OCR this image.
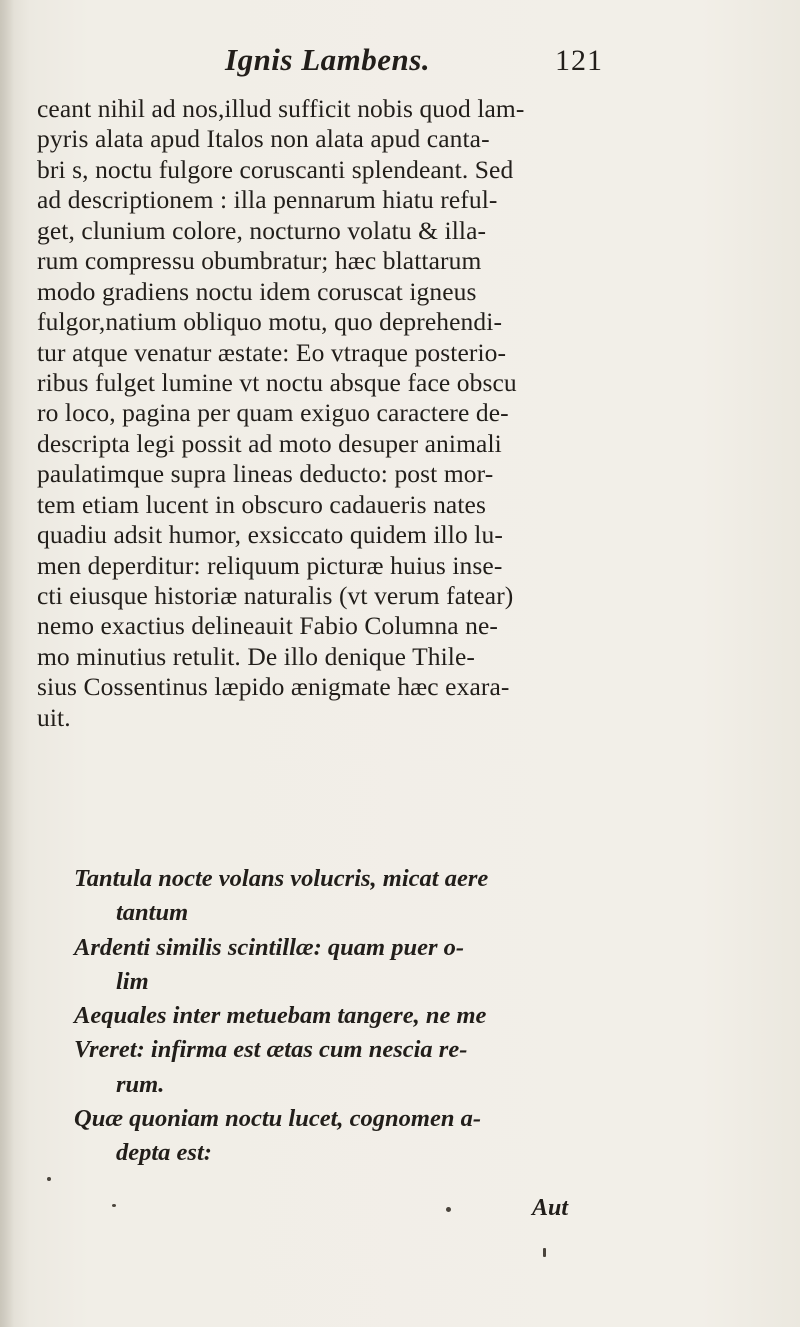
Ignis Lambens.	121
ceant nihil ad nos,illud sufficit nobis quod lam-
pyris alata apud Italos non alata apud canta-
bri s, noctu fulgore coruscanti splendeant. Sed
ad descriptionem : illa pennarum hiatu reful-
get, clunium colore, nocturno volatu & illa-
rum compressu obumbratur; hæc blattarum
modo gradiens noctu idem coruscat igneus
fulgor,natium obliquo motu, quo deprehendi-
tur atque venatur æstate: Eo vtraque posterio-
ribus fulget lumine vt noctu absque face obscu
ro loco, pagina per quam exiguo caractere de-
descripta legi possit ad moto desuper animali
paulatimque supra lineas deducto: post mor-
tem etiam lucent in obscuro cadaueris nates
quadiu adsit humor, exsiccato quidem illo lu-
men deperditur: reliquum picturæ huius inse-
cti eiusque historiæ naturalis (vt verum fatear)
nemo exactius delineauit Fabio Columna ne-
mo minutius retulit. De illo denique Thile-
sius Cossentinus læpido ænigmate hæc exara-
uit.
Tantula noctе volans volucris, micat aere
tantum
Ardenti similis scintillæ: quam puer o-
lim
Aequales inter metuebam tangere, ne me
Vreret: infirma est ætas cum nescia re-
rum.
Quæ quoniam noctu lucet, cognomen a-
depta est:
Aut
